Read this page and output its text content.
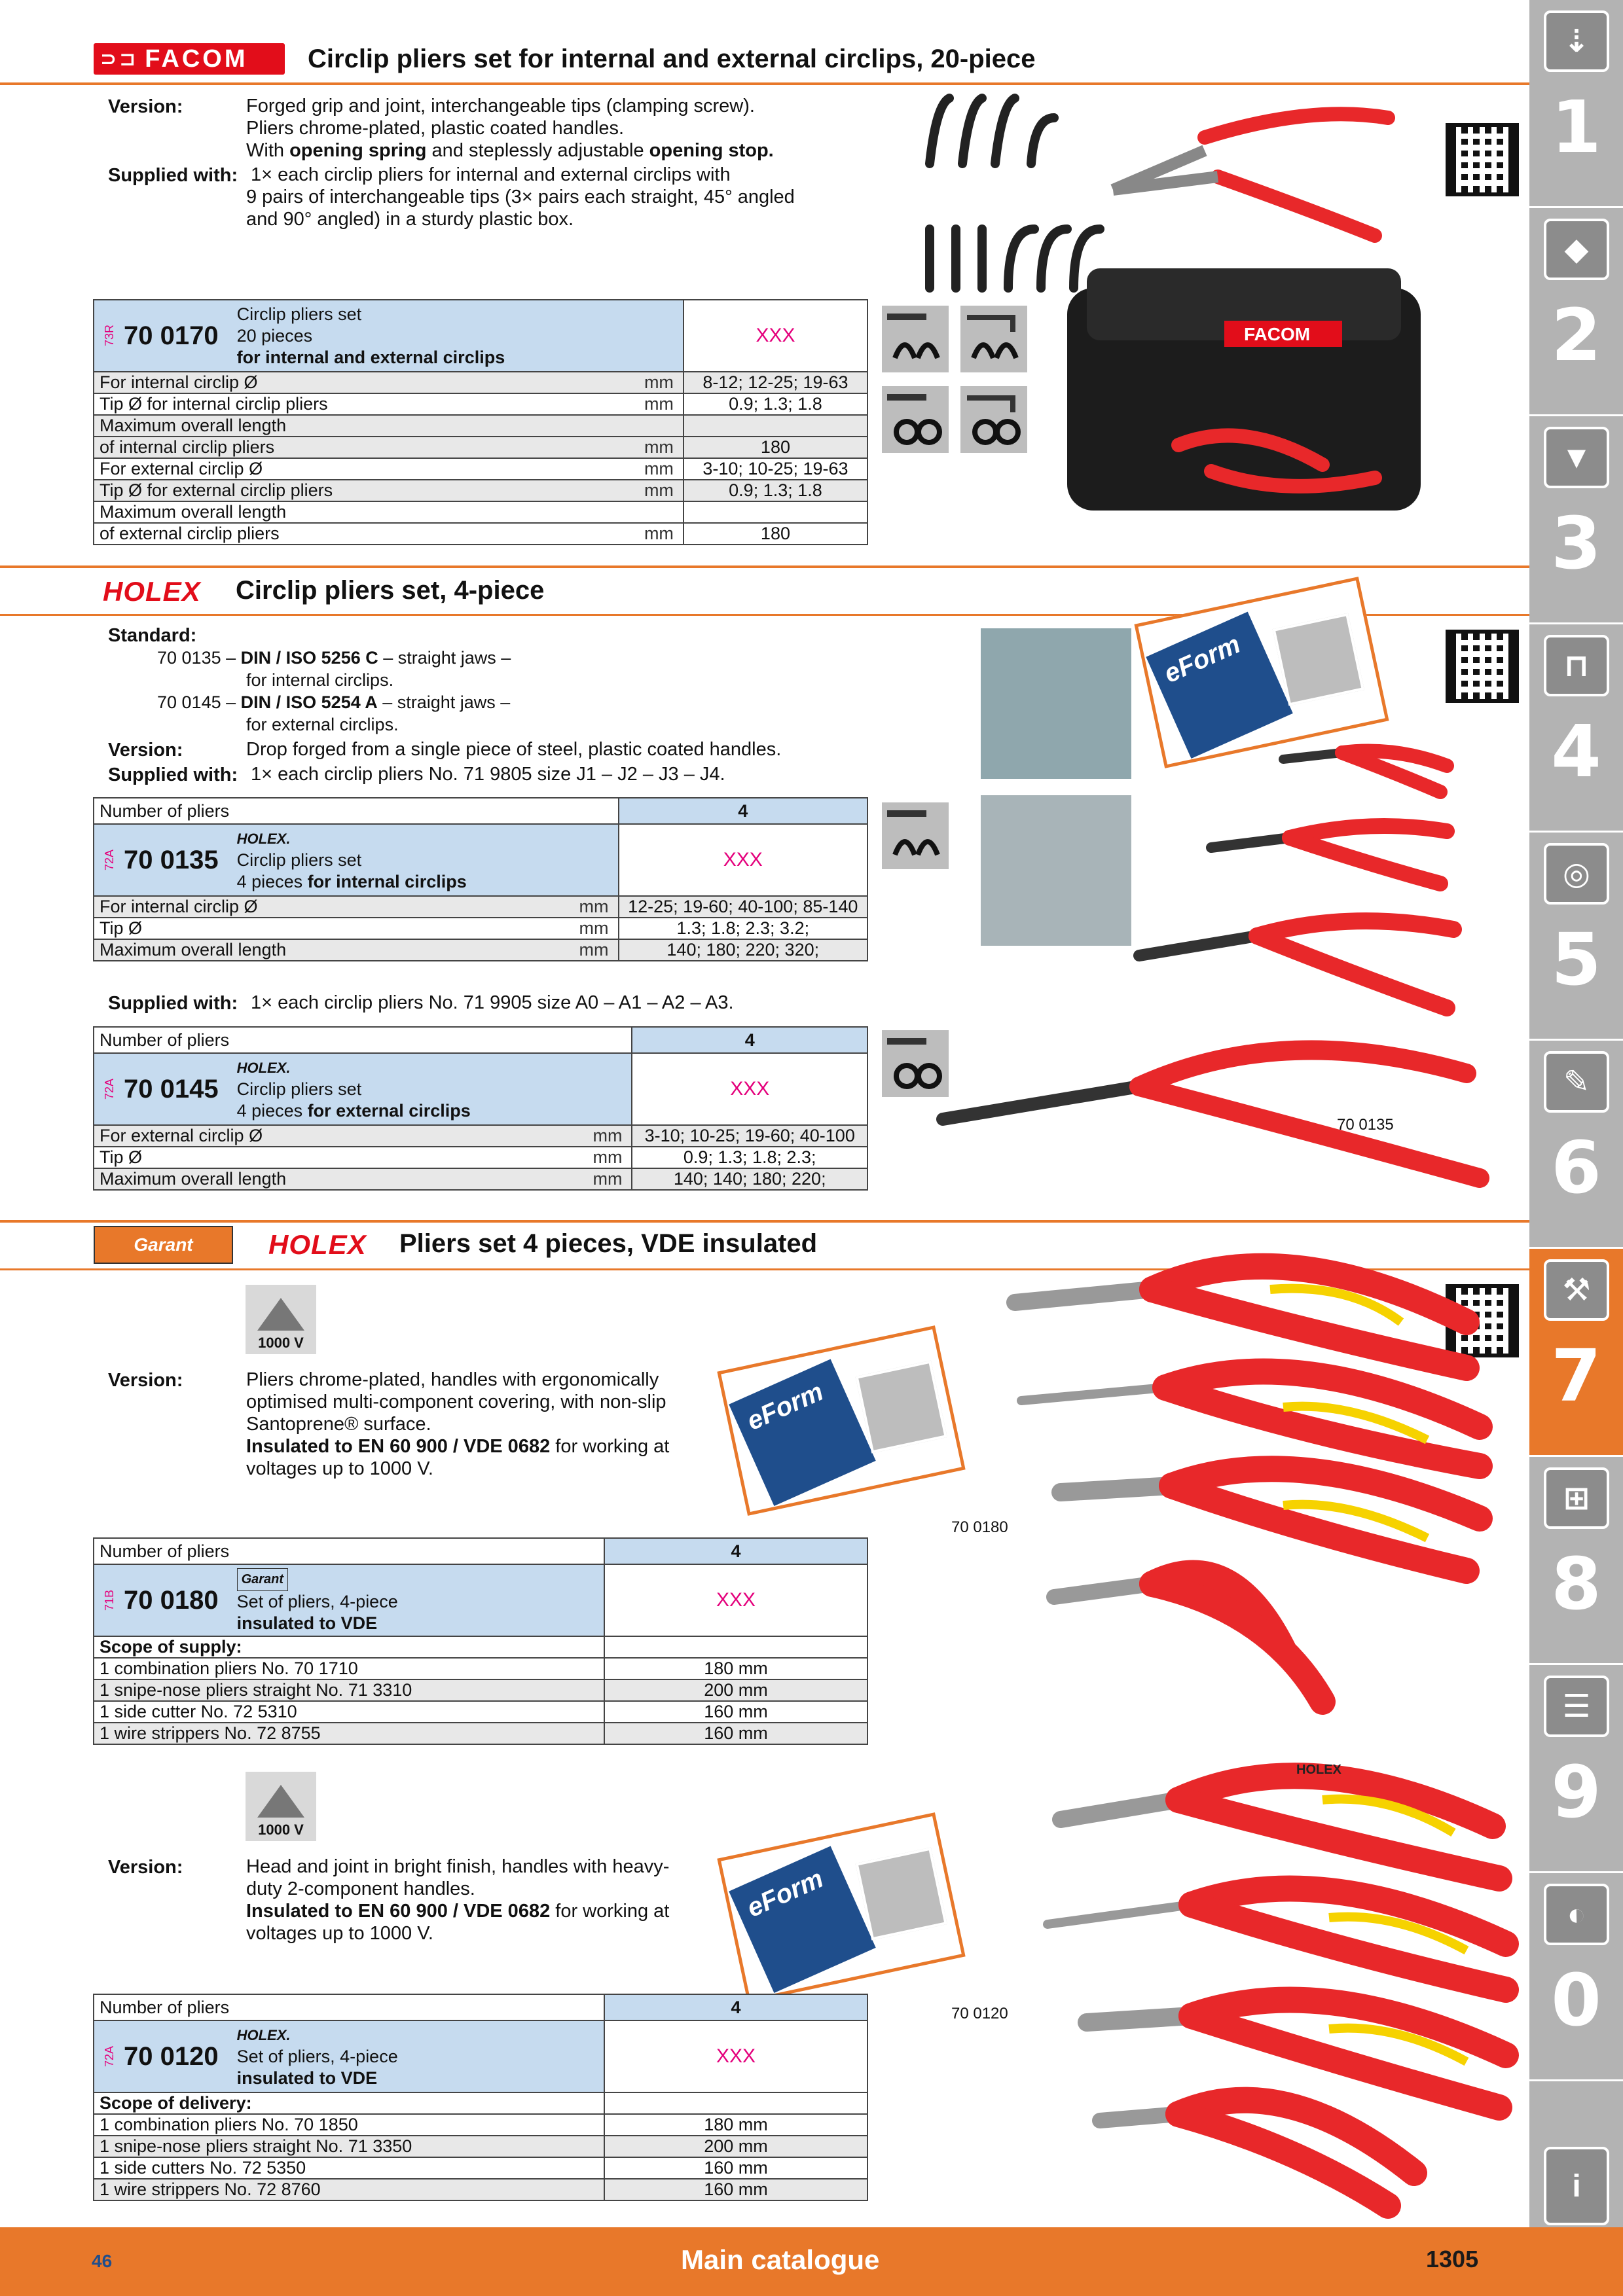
⊃⊐ FACOM Circlip pliers set for internal and external circlips, 20-piece
Version:	Forged grip and joint, interchangeable tips (clamping screw).
Pliers chrome-plated, plastic coated handles.
With opening spring and steplessly adjustable opening stop.
Supplied with: 1× each circlip pliers for internal and external circlips with
9 pairs of interchangeable tips (3× pairs each straight, 45° angled
and 90° angled) in a sturdy plastic box.
73R 70 0170
Circlip pliers set
20 pieces
for internal and external circlips		XXX
For internal circlip Ø	mm	8-12; 12-25; 19-63
Tip Ø for internal circlip pliers	mm	0.9; 1.3; 1.8
Maximum overall length		
of internal circlip pliers	mm	180
For external circlip Ø	mm	3-10; 10-25; 19-63
Tip Ø for external circlip pliers	mm	0.9; 1.3; 1.8
Maximum overall length		
of external circlip pliers	mm	180
FACOM
HOLEX Circlip pliers set, 4-piece
Standard:
70 0135 – DIN / ISO 5256 C – straight jaws –
for internal circlips.
70 0145 – DIN / ISO 5254 A – straight jaws –
for external circlips.
Version:	Drop forged from a single piece of steel, plastic coated handles.
Supplied with: 1× each circlip pliers No. 71 9805 size J1 – J2 – J3 – J4.
Number of pliers		4

72A 70 0135
HOLEX.
Circlip pliers set
4 pieces for internal circlips		XXX
For internal circlip Ø	mm	12-25; 19-60; 40-100; 85-140
Tip Ø	mm	1.3; 1.8; 2.3; 3.2;
Maximum overall length	mm	140; 180; 220; 320;
Supplied with: 1× each circlip pliers No. 71 9905 size A0 – A1 – A2 – A3.
Number of pliers		4

72A 70 0145
HOLEX.
Circlip pliers set
4 pieces for external circlips		XXX
For external circlip Ø	mm	3-10; 10-25; 19-60; 40-100
Tip Ø	mm	0.9; 1.3; 1.8; 2.3;
Maximum overall length	mm	140; 140; 180; 220;
eForm
70 0135
Garant	HOLEX Pliers set 4 pieces, VDE insulated
1000 V
Version:	Pliers chrome-plated, handles with ergonomically
optimised multi-component covering, with non-slip
Santoprene® surface.
Insulated to EN 60 900 / VDE 0682 for working at
voltages up to 1000 V.
eForm
Number of pliers	4

71B 70 0180
Garant
Set of pliers, 4-piece
insulated to VDE	XXX
Scope of supply:	
1 combination pliers No. 70 1710	180 mm
1 snipe-nose pliers straight No. 71 3310	200 mm
1 side cutter No. 72 5310	160 mm
1 wire strippers No. 72 8755	160 mm
70 0180
1000 V
Version:	Head and joint in bright finish, handles with heavy-
duty 2-component handles.
Insulated to EN 60 900 / VDE 0682 for working at
voltages up to 1000 V.
eForm
Number of pliers	4

72A 70 0120
HOLEX.
Set of pliers, 4-piece
insulated to VDE	XXX
Scope of delivery:	
1 combination pliers No. 70 1850	180 mm
1 snipe-nose pliers straight No. 71 3350	200 mm
1 side cutters No. 72 5350	160 mm
1 wire strippers No. 72 8760	160 mm
70 0120
HOLEX
⇣
1
◆
2
▼
3
⊓
4
◎
5
✎
6
⚒
7
⊞
8
☰
9
◐
0
i
46	Main catalogue	1305
